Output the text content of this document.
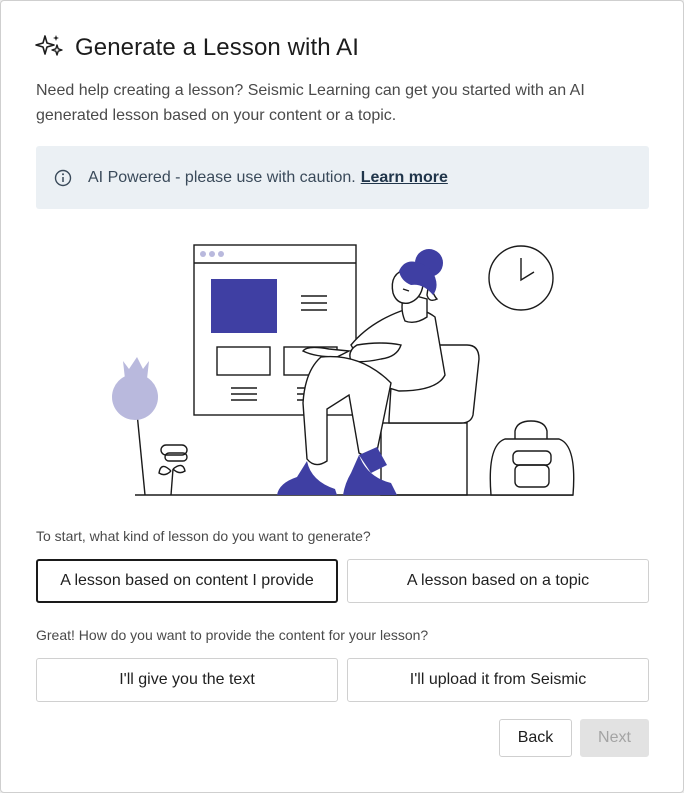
Generate a Lesson with AI
Need help creating a lesson? Seismic Learning can get you started with an AI generated lesson based on your content or a topic.
AI Powered - please use with caution. Learn more
To start, what kind of lesson do you want to generate?
A lesson based on content I provide	A lesson based on a topic
Great! How do you want to provide the content for your lesson?
I'll give you the text	I'll upload it from Seismic
Back	Next
